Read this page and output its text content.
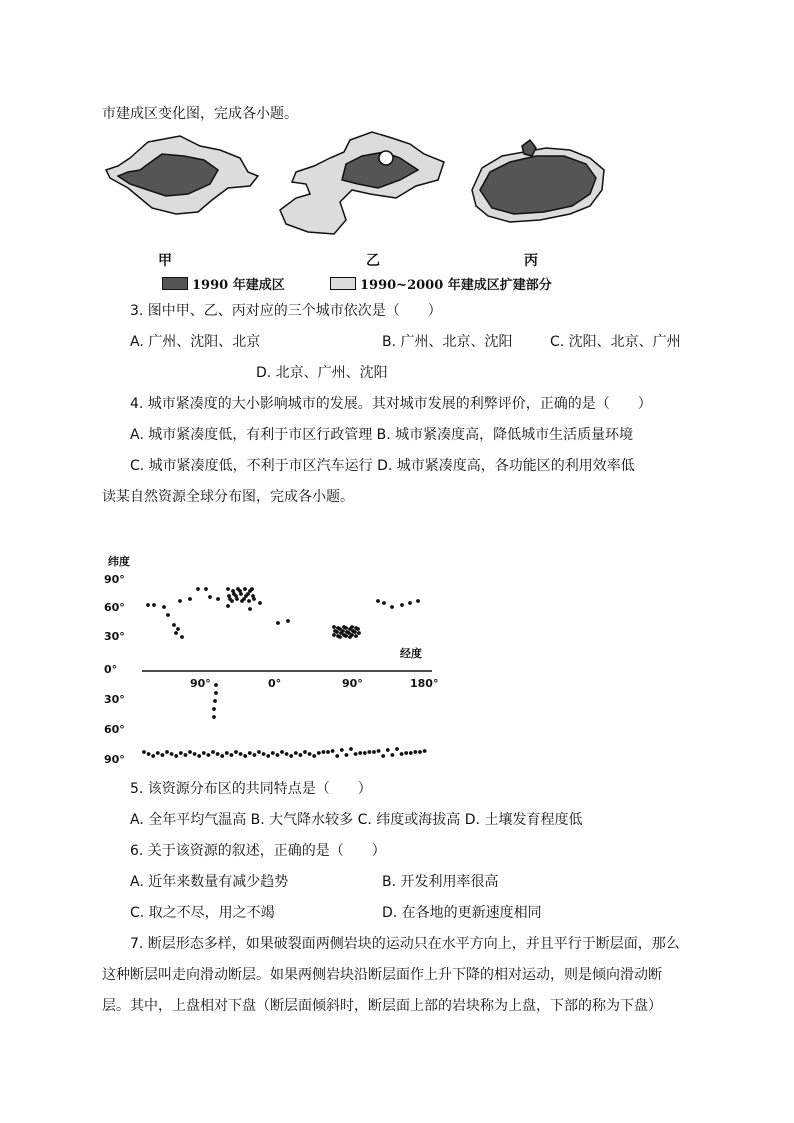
市建成区变化图，完成各小题。
甲	乙	丙
1990 年建成区	1990~2000 年建成区扩建部分
3. 图中甲、乙、丙对应的三个城市依次是（　　）
A. 广州、沈阳、北京	B. 广州、北京、沈阳	C. 沈阳、北京、广州
D. 北京、广州、沈阳
4. 城市紧凑度的大小影响城市的发展。其对城市发展的利弊评价，正确的是（　　）
A. 城市紧凑度低，有利于市区行政管理 B. 城市紧凑度高，降低城市生活质量环境
C. 城市紧凑度低，不利于市区汽车运行 D. 城市紧凑度高，各功能区的利用效率低
读某自然资源全球分布图，完成各小题。
纬度
经度
90°
60°
30°
0°
30°
60°
90°
90°	0°	90°	180°
5. 该资源分布区的共同特点是（　　）
A. 全年平均气温高 B. 大气降水较多 C. 纬度或海拔高 D. 土壤发育程度低
6. 关于该资源的叙述，正确的是（　　）
A. 近年来数量有减少趋势	B. 开发利用率很高
C. 取之不尽，用之不竭	D. 在各地的更新速度相同
7. 断层形态多样，如果破裂面两侧岩块的运动只在水平方向上，并且平行于断层面，那么
这种断层叫走向滑动断层。如果两侧岩块沿断层面作上升下降的相对运动，则是倾向滑动断
层。其中，上盘相对下盘（断层面倾斜时，断层面上部的岩块称为上盘，下部的称为下盘）
